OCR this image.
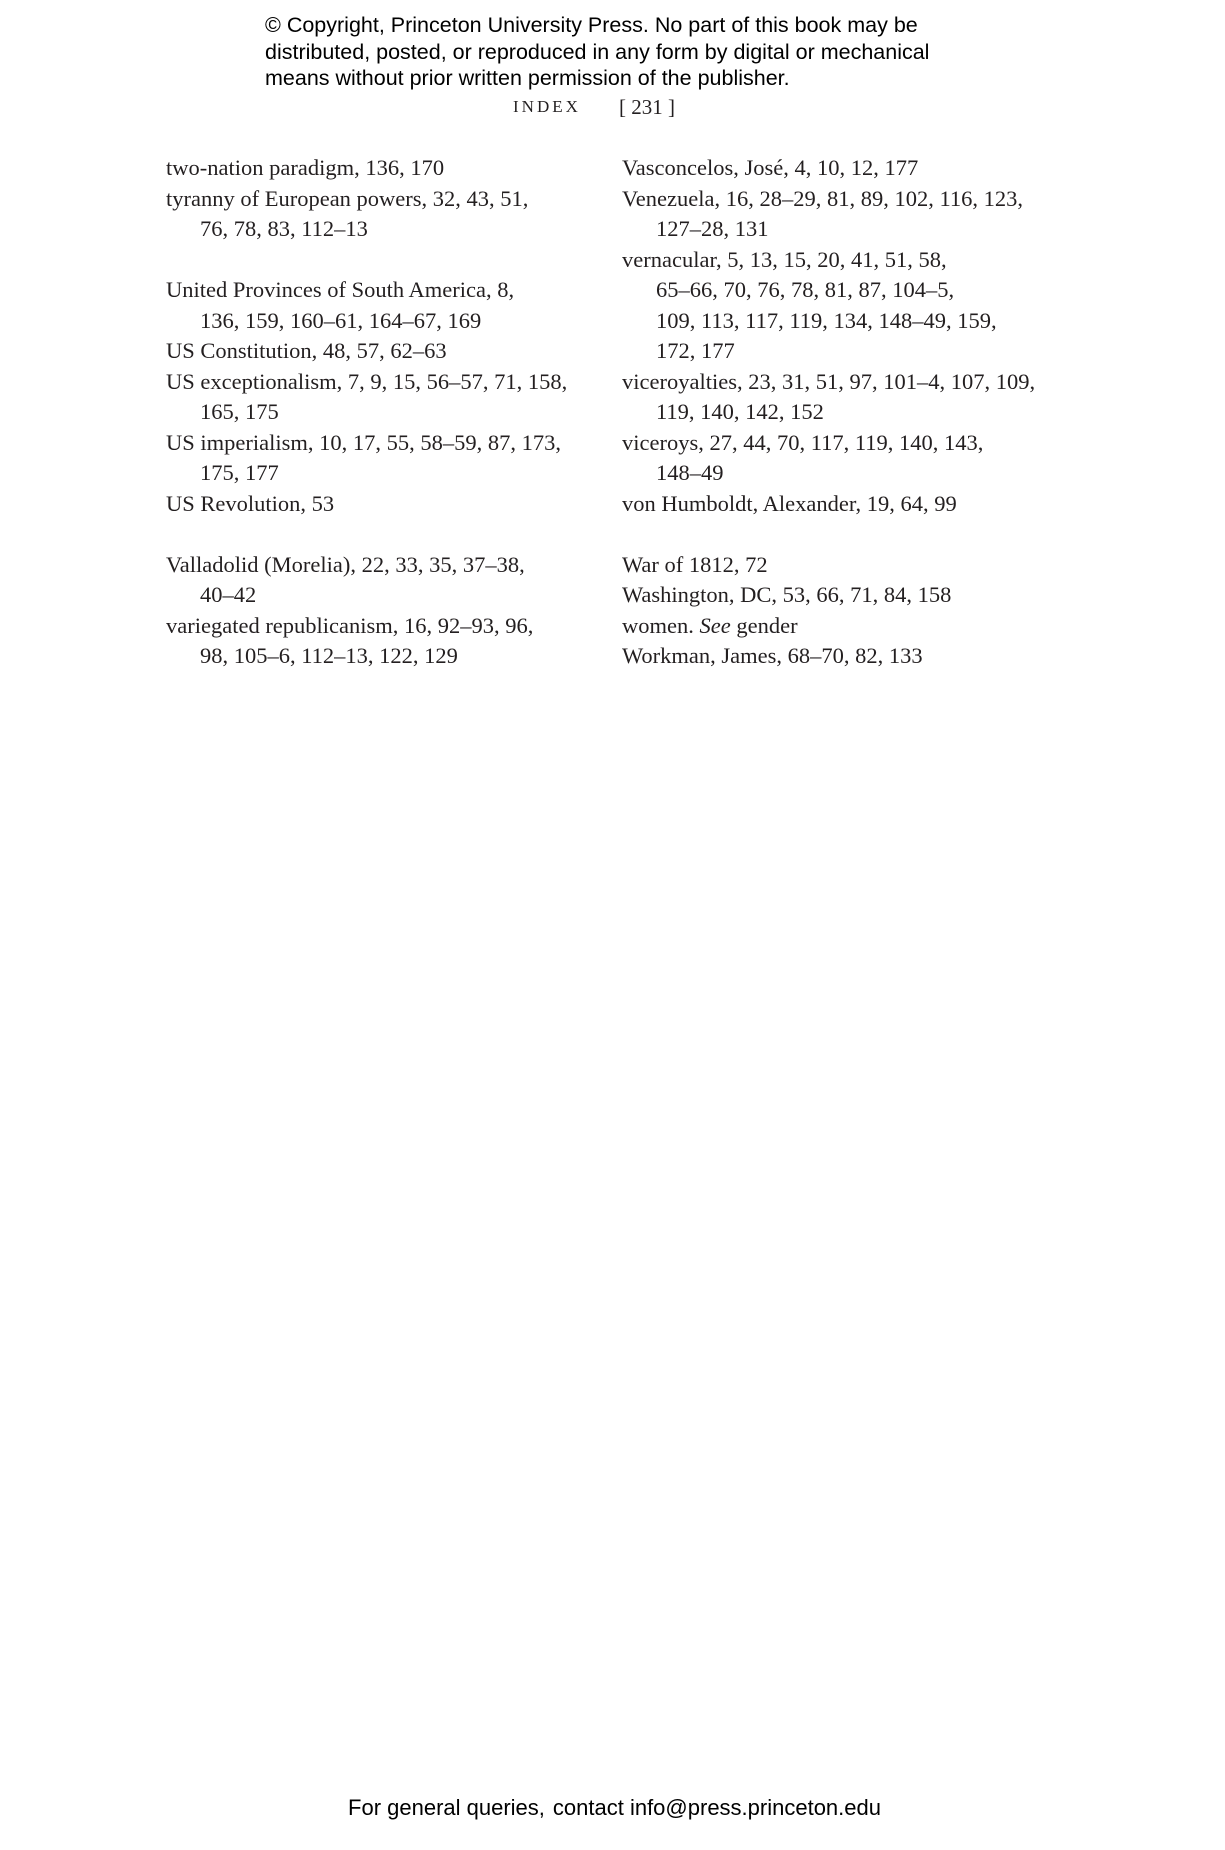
© Copyright, Princeton University Press. No part of this book may be
distributed, posted, or reproduced in any form by digital or mechanical
means without prior written permission of the publisher.
INDEX [ 231 ]

two-nation paradigm, 136, 170

tyranny of European powers, 32, 43, 51,
76, 78, 83, 112–13

United Provinces of South America, 8,
136, 159, 160–61, 164–67, 169

US Constitution, 48, 57, 62–63

US exceptionalism, 7, 9, 15, 56–57, 71, 158,
165, 175

US imperialism, 10, 17, 55, 58–59, 87, 173,
175, 177

US Revolution, 53

Valladolid (Morelia), 22, 33, 35, 37–38,
40–42

variegated republicanism, 16, 92–93, 96,
98, 105–6, 112–13, 122, 129

Vasconcelos, José, 4, 10, 12, 177

Venezuela, 16, 28–29, 81, 89, 102, 116, 123,
127–28, 131

vernacular, 5, 13, 15, 20, 41, 51, 58,
65–66, 70, 76, 78, 81, 87, 104–5,
109, 113, 117, 119, 134, 148–49, 159,
172, 177

viceroyalties, 23, 31, 51, 97, 101–4, 107, 109,
119, 140, 142, 152

viceroys, 27, 44, 70, 117, 119, 140, 143,
148–49

von Humboldt, Alexander, 19, 64, 99

War of 1812, 72

Washington, DC, 53, 66, 71, 84, 158

women. See gender

Workman, James, 68–70, 82, 133

For general queries, contact info@press.princeton.edu
